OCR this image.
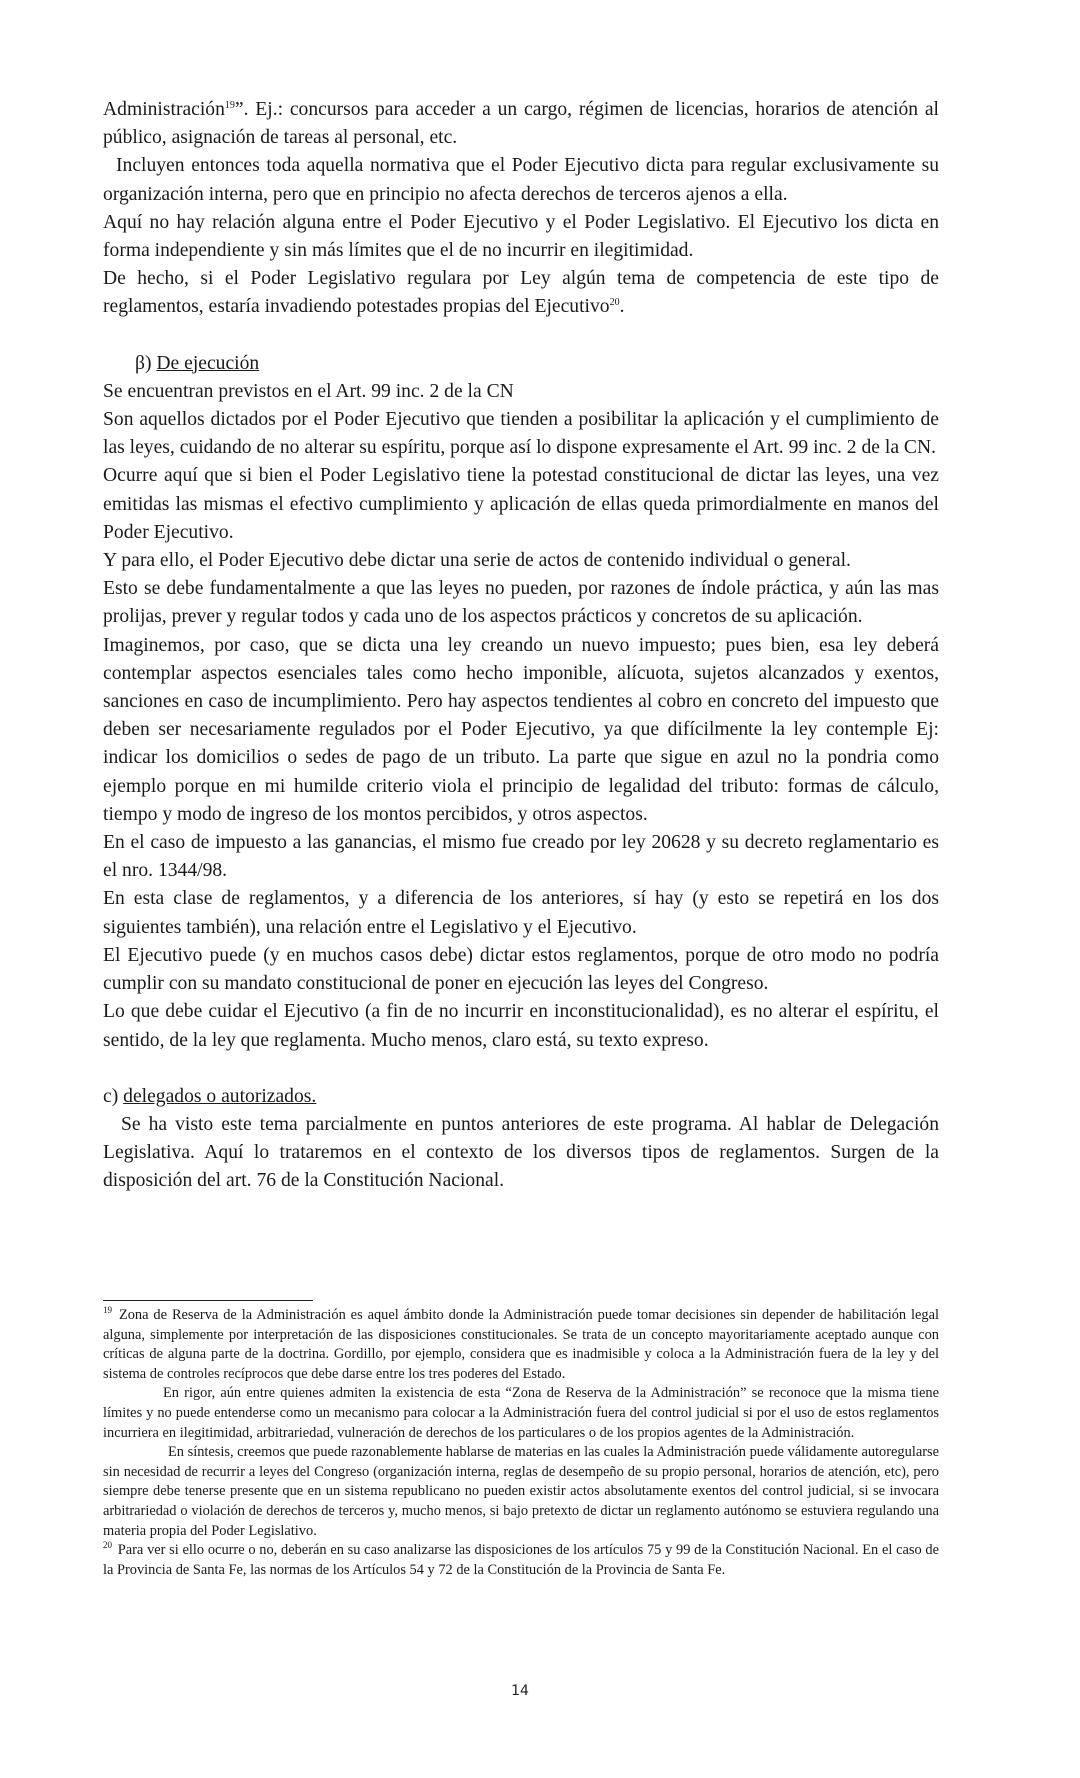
Administración$^{19}$”. Ej.: concursos para acceder a un cargo, régimen de licencias, horarios de atención al público, asignación de tareas al personal, etc.

Incluyen entonces toda aquella normativa que el Poder Ejecutivo dicta para regular exclusivamente su organización interna, pero que en principio no afecta derechos de terceros ajenos a ella.

Aquí no hay relación alguna entre el Poder Ejecutivo y el Poder Legislativo. El Ejecutivo los dicta en forma independiente y sin más límites que el de no incurrir en ilegitimidad.

De hecho, si el Poder Legislativo regulara por Ley algún tema de competencia de este tipo de reglamentos, estaría invadiendo potestades propias del Ejecutivo$^{20}$.

β) De ejecución

Se encuentran previstos en el Art. 99 inc. 2 de la CN

Son aquellos dictados por el Poder Ejecutivo que tienden a posibilitar la aplicación y el cumplimiento de las leyes, cuidando de no alterar su espíritu, porque así lo dispone expresamente el Art. 99 inc. 2 de la CN.

Ocurre aquí que si bien el Poder Legislativo tiene la potestad constitucional de dictar las leyes, una vez emitidas las mismas el efectivo cumplimiento y aplicación de ellas queda primordialmente en manos del Poder Ejecutivo.

Y para ello, el Poder Ejecutivo debe dictar una serie de actos de contenido individual o general.

Esto se debe fundamentalmente a que las leyes no pueden, por razones de índole práctica, y aún las mas prolijas, prever y regular todos y cada uno de los aspectos prácticos y concretos de su aplicación.

Imaginemos, por caso, que se dicta una ley creando un nuevo impuesto; pues bien, esa ley deberá contemplar aspectos esenciales tales como hecho imponible, alícuota, sujetos alcanzados y exentos, sanciones en caso de incumplimiento. Pero hay aspectos tendientes al cobro en concreto del impuesto que deben ser necesariamente regulados por el Poder Ejecutivo, ya que difícilmente la ley contemple Ej: indicar los domicilios o sedes de pago de un tributo. La parte que sigue en azul no la pondria como ejemplo porque en mi humilde criterio viola el principio de legalidad del tributo: formas de cálculo, tiempo y modo de ingreso de los montos percibidos, y otros aspectos.

En el caso de impuesto a las ganancias, el mismo fue creado por ley 20628 y su decreto reglamentario es el nro. 1344/98.

En esta clase de reglamentos, y a diferencia de los anteriores, sí hay (y esto se repetirá en los dos siguientes también), una relación entre el Legislativo y el Ejecutivo.

El Ejecutivo puede (y en muchos casos debe) dictar estos reglamentos, porque de otro modo no podría cumplir con su mandato constitucional de poner en ejecución las leyes del Congreso.

Lo que debe cuidar el Ejecutivo (a fin de no incurrir en inconstitucionalidad), es no alterar el espíritu, el sentido, de la ley que reglamenta. Mucho menos, claro está, su texto expreso.

c) delegados o autorizados.

Se ha visto este tema parcialmente en puntos anteriores de este programa. Al hablar de Delegación Legislativa. Aquí lo trataremos en el contexto de los diversos tipos de reglamentos. Surgen de la disposición del art. 76 de la Constitución Nacional.

$^{19}$ Zona de Reserva de la Administración es aquel ámbito donde la Administración puede tomar decisiones sin depender de habilitación legal alguna, simplemente por interpretación de las disposiciones constitucionales. Se trata de un concepto mayoritariamente aceptado aunque con críticas de alguna parte de la doctrina. Gordillo, por ejemplo, considera que es inadmisible y coloca a la Administración fuera de la ley y del sistema de controles recíprocos que debe darse entre los tres poderes del Estado.

En rigor, aún entre quienes admiten la existencia de esta “Zona de Reserva de la Administración” se reconoce que la misma tiene límites y no puede entenderse como un mecanismo para colocar a la Administración fuera del control judicial si por el uso de estos reglamentos incurriera en ilegitimidad, arbitrariedad, vulneración de derechos de los particulares o de los propios agentes de la Administración.

En síntesis, creemos que puede razonablemente hablarse de materias en las cuales la Administración puede válidamente autoregularse sin necesidad de recurrir a leyes del Congreso (organización interna, reglas de desempeño de su propio personal, horarios de atención, etc), pero siempre debe tenerse presente que en un sistema republicano no pueden existir actos absolutamente exentos del control judicial, si se invocara arbitrariedad o violación de derechos de terceros y, mucho menos, si bajo pretexto de dictar un reglamento autónomo se estuviera regulando una materia propia del Poder Legislativo.

$^{20}$ Para ver si ello ocurre o no, deberán en su caso analizarse las disposiciones de los artículos 75 y 99 de la Constitución Nacional. En el caso de la Provincia de Santa Fe, las normas de los Artículos 54 y 72 de la Constitución de la Provincia de Santa Fe.

14
